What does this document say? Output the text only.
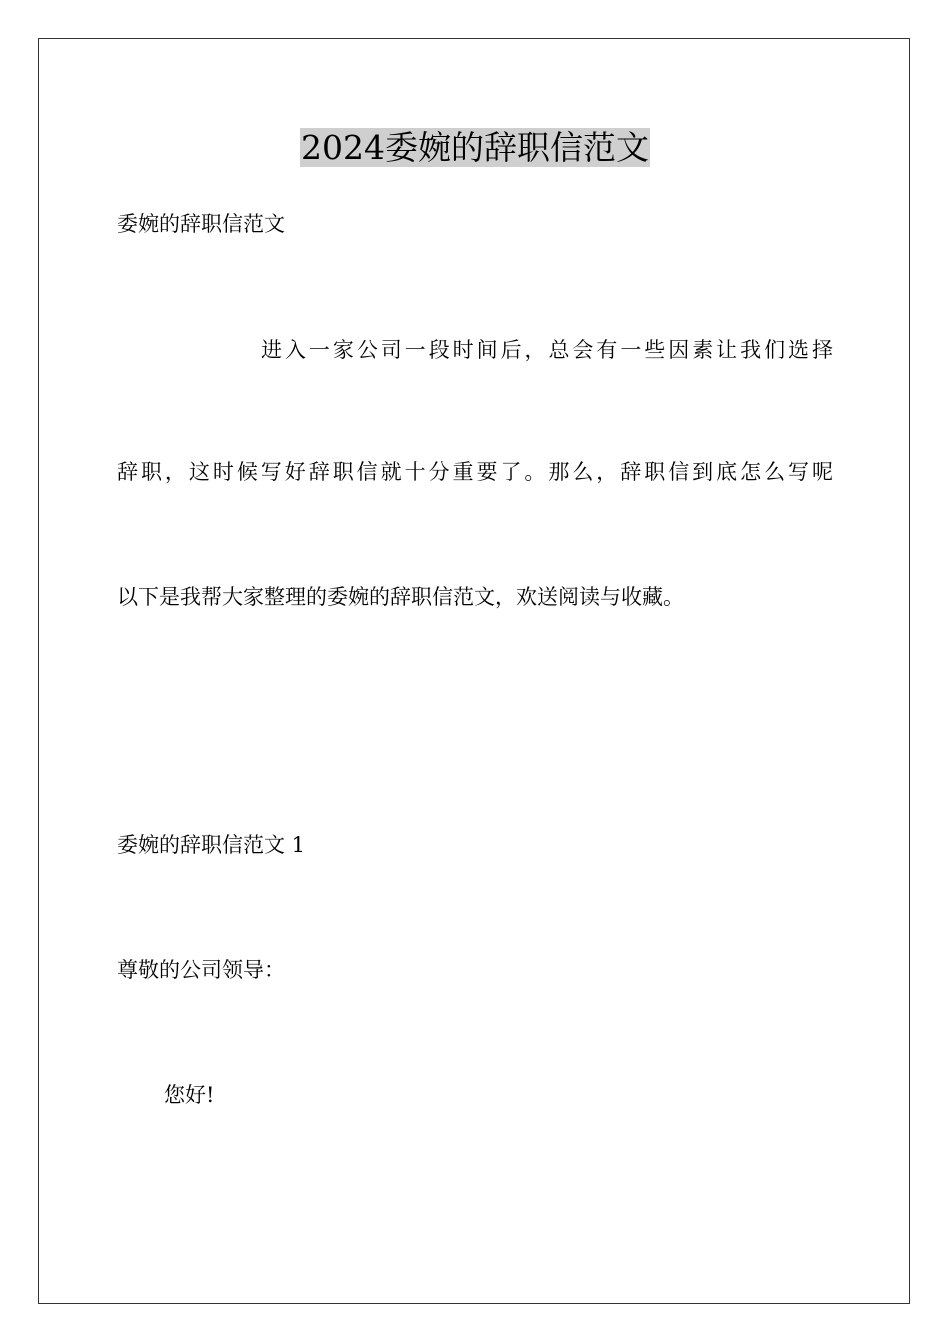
2024委婉的辞职信范文
委婉的辞职信范文
进入一家公司一段时间后，总会有一些因素让我们选择
辞职，这时候写好辞职信就十分重要了。那么，辞职信到底怎么写呢
以下是我帮大家整理的委婉的辞职信范文，欢送阅读与收藏。
委婉的辞职信范文 1
尊敬的公司领导：
您好!
